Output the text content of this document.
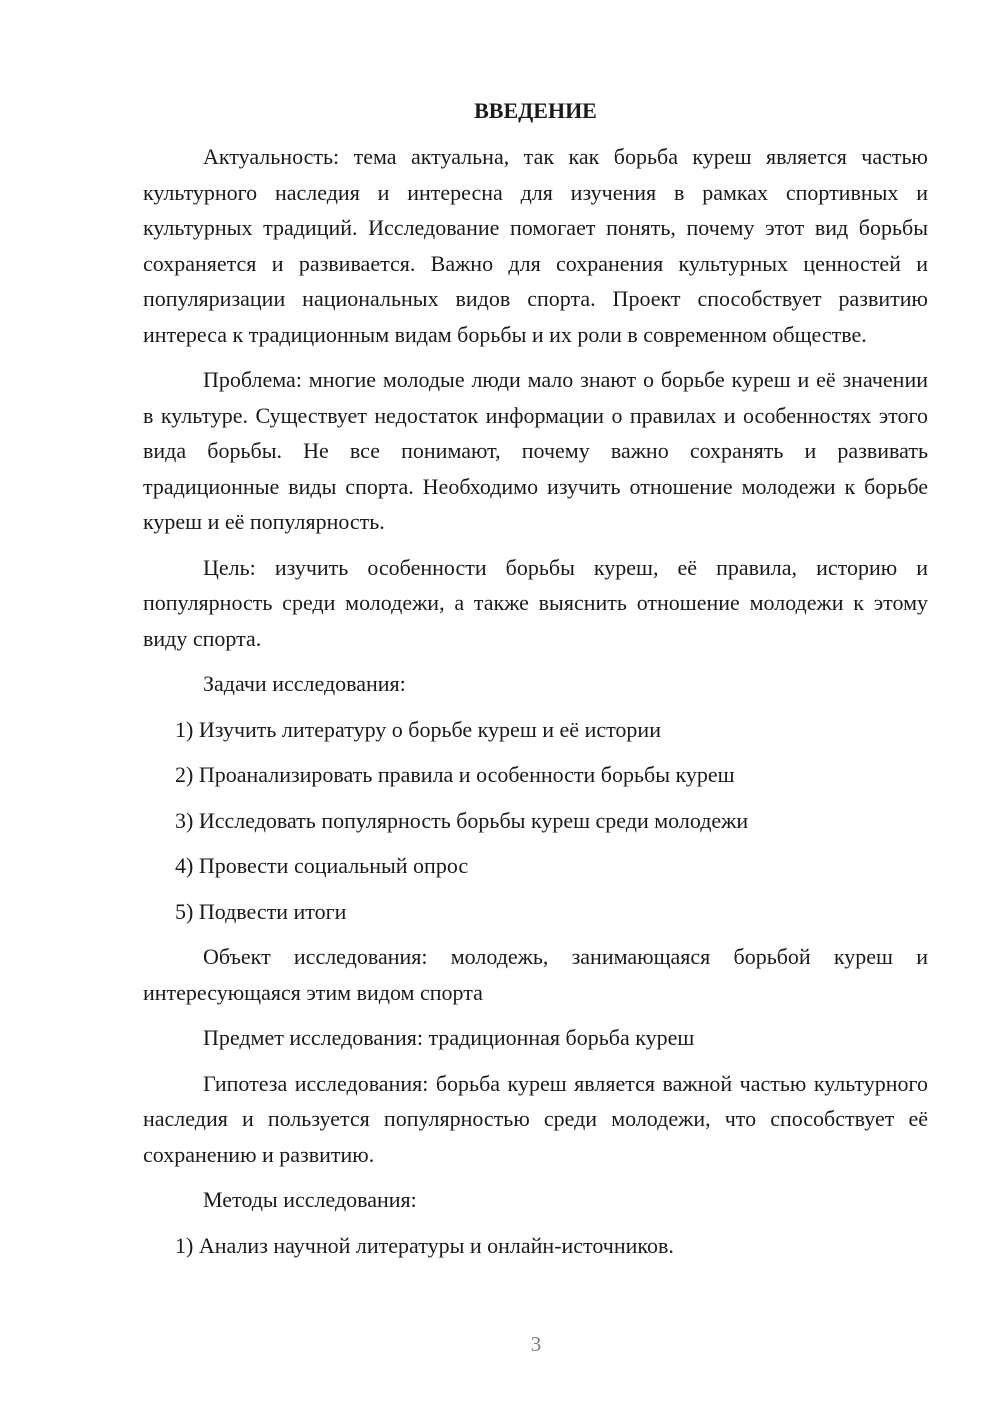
ВВЕДЕНИЕ

Актуальность: тема актуальна, так как борьба куреш является частью культурного наследия и интересна для изучения в рамках спортивных и культурных традиций. Исследование помогает понять, почему этот вид борьбы сохраняется и развивается. Важно для сохранения культурных ценностей и популяризации национальных видов спорта. Проект способствует развитию интереса к традиционным видам борьбы и их роли в современном обществе.

Проблема: многие молодые люди мало знают о борьбе куреш и её значении в культуре. Существует недостаток информации о правилах и особенностях этого вида борьбы. Не все понимают, почему важно сохранять и развивать традиционные виды спорта. Необходимо изучить отношение молодежи к борьбе куреш и её популярность.

Цель: изучить особенности борьбы куреш, её правила, историю и популярность среди молодежи, а также выяснить отношение молодежи к этому виду спорта.

Задачи исследования:

1) Изучить литературу о борьбе куреш и её истории

2) Проанализировать правила и особенности борьбы куреш

3) Исследовать популярность борьбы куреш среди молодежи

4) Провести социальный опрос

5) Подвести итоги

Объект исследования: молодежь, занимающаяся борьбой куреш и интересующаяся этим видом спорта

Предмет исследования: традиционная борьба куреш

Гипотеза исследования: борьба куреш является важной частью культурного наследия и пользуется популярностью среди молодежи, что способствует её сохранению и развитию.

Методы исследования:

1) Анализ научной литературы и онлайн-источников.

3
